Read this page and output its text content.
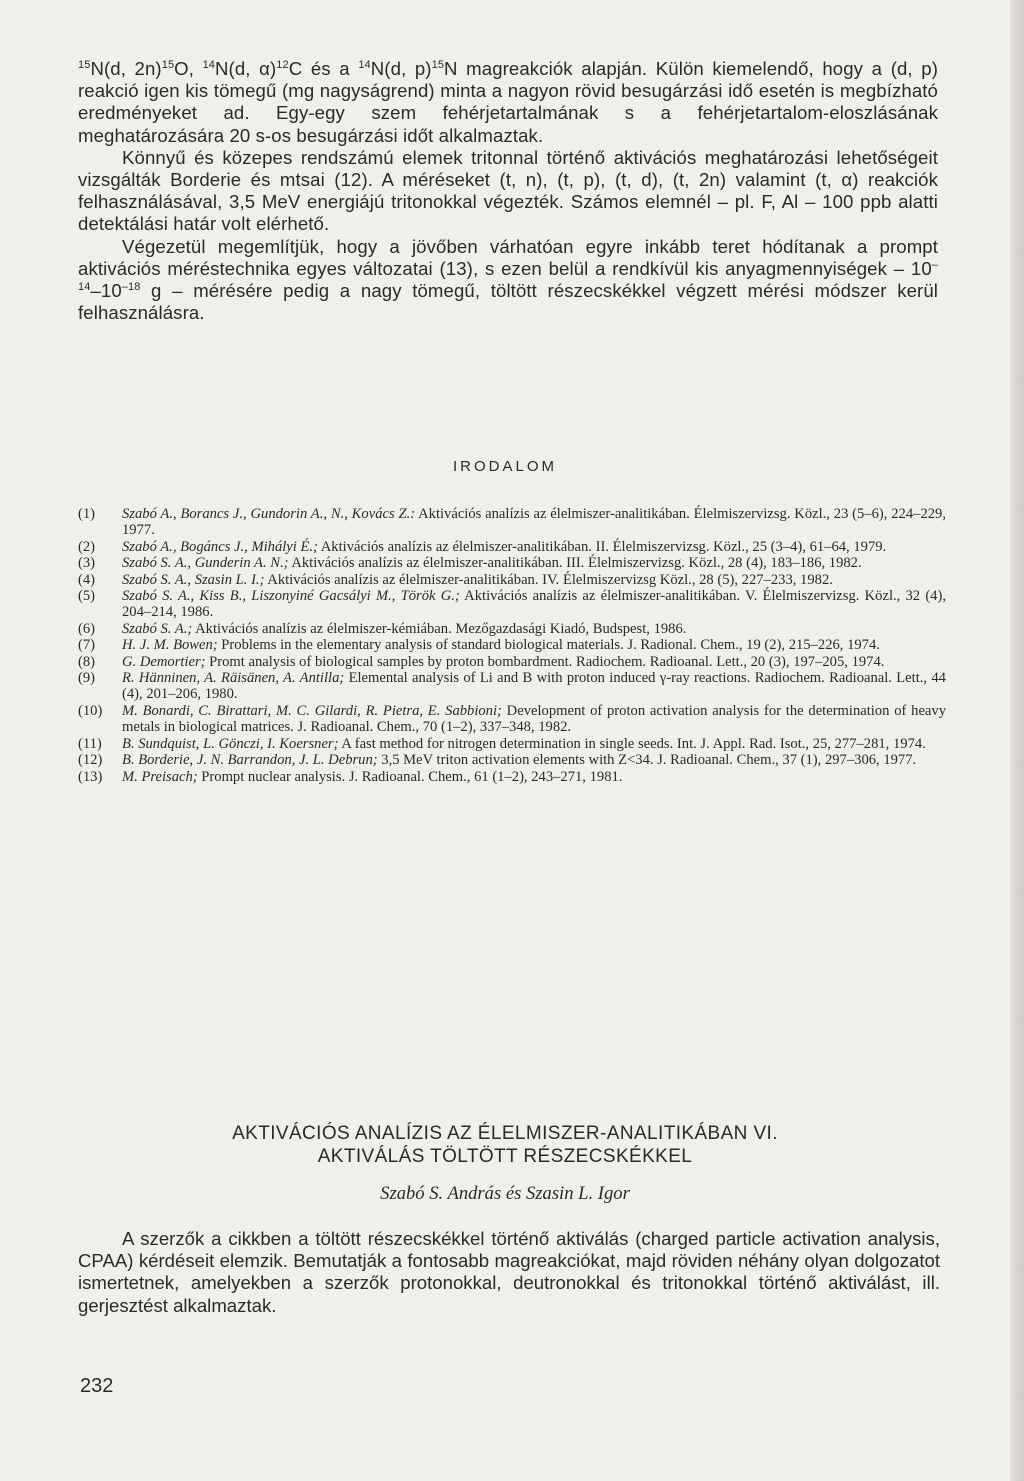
$^{15}$N(d, 2n)$^{15}$O, $^{14}$N(d, α)$^{12}$C és a $^{14}$N(d, p)$^{15}$N magreakciók alapján. Külön kiemelendő, hogy a (d, p) reakció igen kis tömegű (mg nagyságrend) minta a nagyon rövid besugárzási idő esetén is megbízható eredményeket ad. Egy-egy szem fehérjetartalmának s a fehérjetartalom-eloszlásának meghatározására 20 s-os besugárzási időt alkalmaztak.

Könnyű és közepes rendszámú elemek tritonnal történő aktivációs meghatározási lehetőségeit vizsgálták Borderie és mtsai (12). A méréseket (t, n), (t, p), (t, d), (t, 2n) valamint (t, α) reakciók felhasználásával, 3,5 MeV energiájú tritonokkal végezték. Számos elemnél – pl. F, Al – 100 ppb alatti detektálási határ volt elérhető.

Végezetül megemlítjük, hogy a jövőben várhatóan egyre inkább teret hódítanak a prompt aktivációs méréstechnika egyes változatai (13), s ezen belül a rendkívül kis anyagmennyiségek – $10^{-14}-10^{-18}$ g – mérésére pedig a nagy tömegű, töltött részecskékkel végzett mérési módszer kerül felhasználásra.

IRODALOM
(1) Szabó A., Borancs J., Gundorin A., N., Kovács Z.: Aktivációs analízis az élelmiszer-analitikában. Élelmiszervizsg. Közl., 23 (5–6), 224–229, 1977.
(2) Szabó A., Bogáncs J., Mihályi É.; Aktivációs analízis az élelmiszer-analitikában. II. Élelmiszervizsg. Közl., 25 (3–4), 61–64, 1979.
(3) Szabó S. A., Gunderin A. N.; Aktivációs analízis az élelmiszer-analitikában. III. Élelmiszervizsg. Közl., 28 (4), 183–186, 1982.
(4) Szabó S. A., Szasin L. I.; Aktivációs analízis az élelmiszer-analitikában. IV. Élelmiszervizsg Közl., 28 (5), 227–233, 1982.
(5) Szabó S. A., Kiss B., Liszonyiné Gacsályi M., Török G.; Aktivációs analízis az élelmiszer-analitikában. V. Élelmiszervizsg. Közl., 32 (4), 204–214, 1986.
(6) Szabó S. A.; Aktivációs analízis az élelmiszer-kémiában. Mezőgazdasági Kiadó, Budspest, 1986.
(7) H. J. M. Bowen; Problems in the elementary analysis of standard biological materials. J. Radional. Chem., 19 (2), 215–226, 1974.
(8) G. Demortier; Promt analysis of biological samples by proton bombardment. Radiochem. Radioanal. Lett., 20 (3), 197–205, 1974.
(9) R. Hänninen, A. Räisänen, A. Antilla; Elemental analysis of Li and B with proton induced γ-ray reactions. Radiochem. Radioanal. Lett., 44 (4), 201–206, 1980.
(10) M. Bonardi, C. Birattari, M. C. Gilardi, R. Pietra, E. Sabbioni; Development of proton activation analysis for the determination of heavy metals in biological matrices. J. Radioanal. Chem., 70 (1–2), 337–348, 1982.
(11) B. Sundquist, L. Gönczi, I. Koersner; A fast method for nitrogen determination in single seeds. Int. J. Appl. Rad. Isot., 25, 277–281, 1974.
(12) B. Borderie, J. N. Barrandon, J. L. Debrun; 3,5 MeV triton activation elements with Z<34. J. Radioanal. Chem., 37 (1), 297–306, 1977.
(13) M. Preisach; Prompt nuclear analysis. J. Radioanal. Chem., 61 (1–2), 243–271, 1981.
AKTIVÁCIÓS ANALÍZIS AZ ÉLELMISZER-ANALITIKÁBAN VI.
AKTIVÁLÁS TÖLTÖTT RÉSZECSKÉKKEL
Szabó S. András és Szasin L. Igor

A szerzők a cikkben a töltött részecskékkel történő aktiválás (charged particle activation analysis, CPAA) kérdéseit elemzik. Bemutatják a fontosabb magreakciókat, majd röviden néhány olyan dolgozatot ismertetnek, amelyekben a szerzők protonokkal, deutronokkal és tritonokkal történő aktiválást, ill. gerjesztést alkalmaztak.

232
